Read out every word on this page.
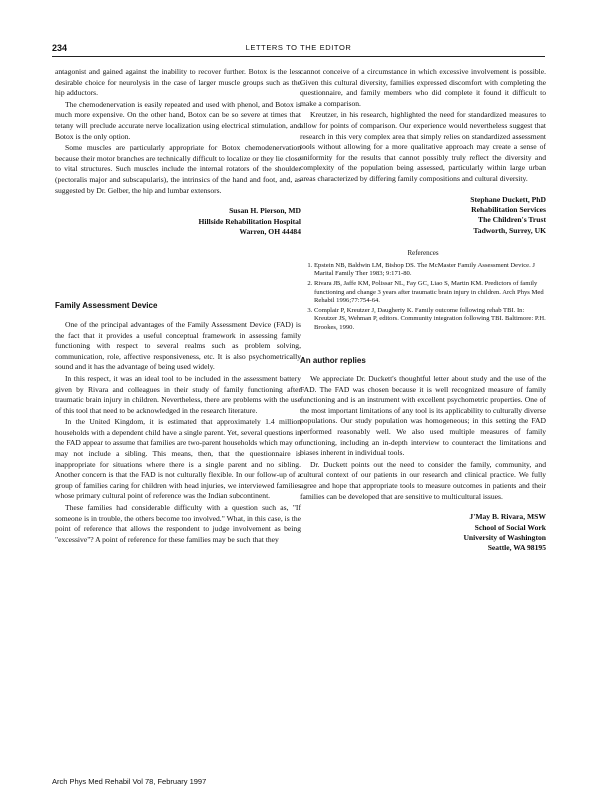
234	LETTERS TO THE EDITOR

antagonist and gained against the inability to recover further. Botox is the less desirable choice for neurolysis in the case of larger muscle groups such as the hip adductors.

The chemodenervation is easily repeated and used with phenol, and Botox is much more expensive. On the other hand, Botox can be so severe at times that tetany will preclude accurate nerve localization using electrical stimulation, and Botox is the only option.

Some muscles are particularly appropriate for Botox chemodenervation because their motor branches are technically difficult to localize or they lie close to vital structures. Such muscles include the internal rotators of the shoulder (pectoralis major and subscapularis), the intrinsics of the hand and foot, and, as suggested by Dr. Gelber, the hip and lumbar extensors.

Susan H. Pierson, MD
Hillside Rehabilitation Hospital
Warren, OH 44484
Family Assessment Device

One of the principal advantages of the Family Assessment Device (FAD) is the fact that it provides a useful conceptual framework in assessing family functioning with respect to several realms such as problem solving, communication, role, affective responsiveness, etc. It is also psychometrically sound and it has the advantage of being used widely.

In this respect, it was an ideal tool to be included in the assessment battery given by Rivara and colleagues in their study of family functioning after traumatic brain injury in children. Nevertheless, there are problems with the use of this tool that need to be acknowledged in the research literature.

In the United Kingdom, it is estimated that approximately 1.4 million households with a dependent child have a single parent. Yet, several questions in the FAD appear to assume that families are two-parent households which may or may not include a sibling. This means, then, that the questionnaire is inappropriate for situations where there is a single parent and no sibling. Another concern is that the FAD is not culturally flexible. In our follow-up of a group of families caring for children with head injuries, we interviewed families whose primary cultural point of reference was the Indian subcontinent.

These families had considerable difficulty with a question such as, "If someone is in trouble, the others become too involved." What, in this case, is the point of reference that allows the respondent to judge involvement as being "excessive"? A point of reference for these families may be such that they

cannot conceive of a circumstance in which excessive involvement is possible. Given this cultural diversity, families expressed discomfort with completing the questionnaire, and family members who did complete it found it difficult to make a comparison.

Kreutzer, in his research, highlighted the need for standardized measures to allow for points of comparison. Our experience would nevertheless suggest that research in this very complex area that simply relies on standardized assessment tools without allowing for a more qualitative approach may create a sense of uniformity for the results that cannot possibly truly reflect the diversity and complexity of the population being assessed, particularly within large urban areas characterized by differing family compositions and cultural diversity.

Stephane Duckett, PhD
Rehabilitation Services
The Children's Trust
Tadworth, Surrey, UK
References
1. Epstein NB, Baldwin LM, Bishop DS. The McMaster Family Assessment Device. J Marital Family Ther 1983; 9:171-80.
2. Rivara JB, Jaffe KM, Polissar NL, Fay GC, Liao S, Martin KM. Predictors of family functioning and change 3 years after traumatic brain injury in children. Arch Phys Med Rehabil 1996;77:754-64.
3. Complair P, Kreutzer J, Daugherty K. Family outcome following rehab TBI. In: Kreutzer JS, Wehman P, editors. Community integration following TBI. Baltimore: P.H. Brookes, 1990.
An author replies

We appreciate Dr. Duckett's thoughtful letter about study and the use of the FAD. The FAD was chosen because it is well recognized measure of family functioning and is an instrument with excellent psychometric properties. One of the most important limitations of any tool is its applicability to culturally diverse populations. Our study population was homogeneous; in this setting the FAD performed reasonably well. We also used multiple measures of family functioning, including an in-depth interview to counteract the limitations and biases inherent in individual tools.

Dr. Duckett points out the need to consider the family, community, and cultural context of our patients in our research and clinical practice. We fully agree and hope that appropriate tools to measure outcomes in patients and their families can be developed that are sensitive to multicultural issues.

J'May B. Rivara, MSW
School of Social Work
University of Washington
Seattle, WA 98195
Arch Phys Med Rehabil Vol 78, February 1997
